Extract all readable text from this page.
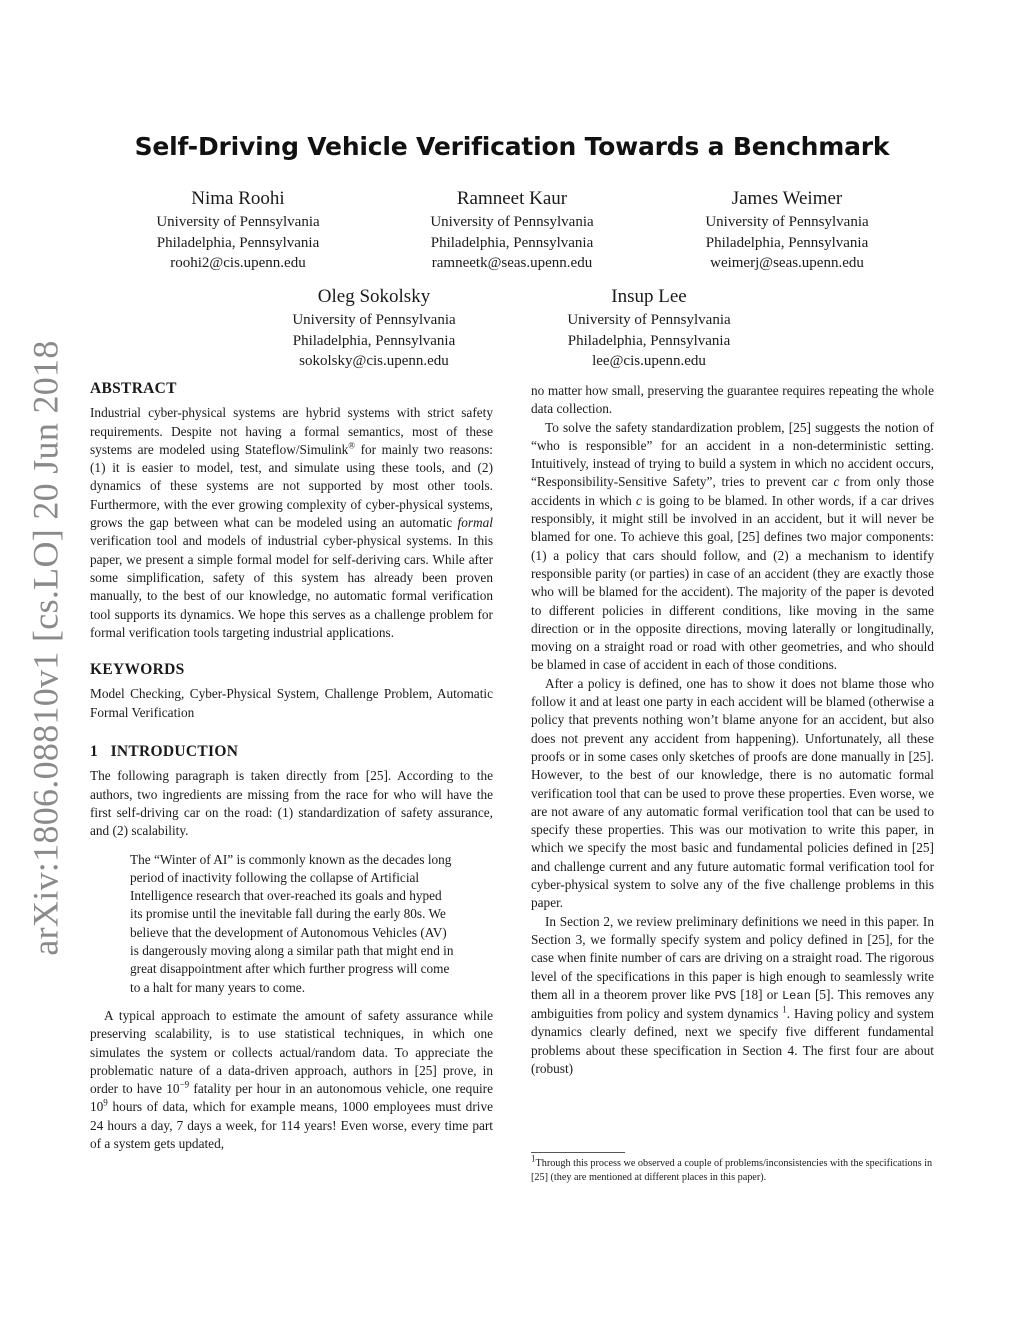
arXiv:1806.08810v1 [cs.LO] 20 Jun 2018
Self-Driving Vehicle Verification Towards a Benchmark
Nima Roohi
University of Pennsylvania
Philadelphia, Pennsylvania
roohi2@cis.upenn.edu
Ramneet Kaur
University of Pennsylvania
Philadelphia, Pennsylvania
ramneetk@seas.upenn.edu
James Weimer
University of Pennsylvania
Philadelphia, Pennsylvania
weimerj@seas.upenn.edu
Oleg Sokolsky
University of Pennsylvania
Philadelphia, Pennsylvania
sokolsky@cis.upenn.edu
Insup Lee
University of Pennsylvania
Philadelphia, Pennsylvania
lee@cis.upenn.edu
ABSTRACT

Industrial cyber-physical systems are hybrid systems with strict safety requirements. Despite not having a formal semantics, most of these systems are modeled using Stateflow/Simulink® for mainly two reasons: (1) it is easier to model, test, and simulate using these tools, and (2) dynamics of these systems are not supported by most other tools. Furthermore, with the ever growing complexity of cyber-physical systems, grows the gap between what can be modeled using an automatic formal verification tool and models of industrial cyber-physical systems. In this paper, we present a simple formal model for self-deriving cars. While after some simplification, safety of this system has already been proven manually, to the best of our knowledge, no automatic formal verification tool supports its dynamics. We hope this serves as a challenge problem for formal verification tools targeting industrial applications.

KEYWORDS

Model Checking, Cyber-Physical System, Challenge Problem, Automatic Formal Verification

1   INTRODUCTION

The following paragraph is taken directly from [25]. According to the authors, two ingredients are missing from the race for who will have the first self-driving car on the road: (1) standardization of safety assurance, and (2) scalability.

The “Winter of AI” is commonly known as the decades long period of inactivity following the collapse of Artificial Intelligence research that over-reached its goals and hyped its promise until the inevitable fall during the early 80s. We believe that the development of Autonomous Vehicles (AV) is dangerously moving along a similar path that might end in great disappointment after which further progress will come to a halt for many years to come.

A typical approach to estimate the amount of safety assurance while preserving scalability, is to use statistical techniques, in which one simulates the system or collects actual/random data. To appreciate the problematic nature of a data-driven approach, authors in [25] prove, in order to have $10^{-9}$ fatality per hour in an autonomous vehicle, one require $10^9$ hours of data, which for example means, 1000 employees must drive 24 hours a day, 7 days a week, for 114 years! Even worse, every time part of a system gets updated,

no matter how small, preserving the guarantee requires repeating the whole data collection.

To solve the safety standardization problem, [25] suggests the notion of “who is responsible” for an accident in a non-deterministic setting. Intuitively, instead of trying to build a system in which no accident occurs, “Responsibility-Sensitive Safety”, tries to prevent car c from only those accidents in which c is going to be blamed. In other words, if a car drives responsibly, it might still be involved in an accident, but it will never be blamed for one. To achieve this goal, [25] defines two major components: (1) a policy that cars should follow, and (2) a mechanism to identify responsible parity (or parties) in case of an accident (they are exactly those who will be blamed for the accident). The majority of the paper is devoted to different policies in different conditions, like moving in the same direction or in the opposite directions, moving laterally or longitudinally, moving on a straight road or road with other geometries, and who should be blamed in case of accident in each of those conditions.

After a policy is defined, one has to show it does not blame those who follow it and at least one party in each accident will be blamed (otherwise a policy that prevents nothing won’t blame anyone for an accident, but also does not prevent any accident from happening). Unfortunately, all these proofs or in some cases only sketches of proofs are done manually in [25]. However, to the best of our knowledge, there is no automatic formal verification tool that can be used to prove these properties. Even worse, we are not aware of any automatic formal verification tool that can be used to specify these properties. This was our motivation to write this paper, in which we specify the most basic and fundamental policies defined in [25] and challenge current and any future automatic formal verification tool for cyber-physical system to solve any of the five challenge problems in this paper.

In Section 2, we review preliminary definitions we need in this paper. In Section 3, we formally specify system and policy defined in [25], for the case when finite number of cars are driving on a straight road. The rigorous level of the specifications in this paper is high enough to seamlessly write them all in a theorem prover like PVS [18] or Lean [5]. This removes any ambiguities from policy and system dynamics $^1$. Having policy and system dynamics clearly defined, next we specify five different fundamental problems about these specification in Section 4. The first four are about (robust)

$^1$Through this process we observed a couple of problems/inconsistencies with the specifications in [25] (they are mentioned at different places in this paper).
